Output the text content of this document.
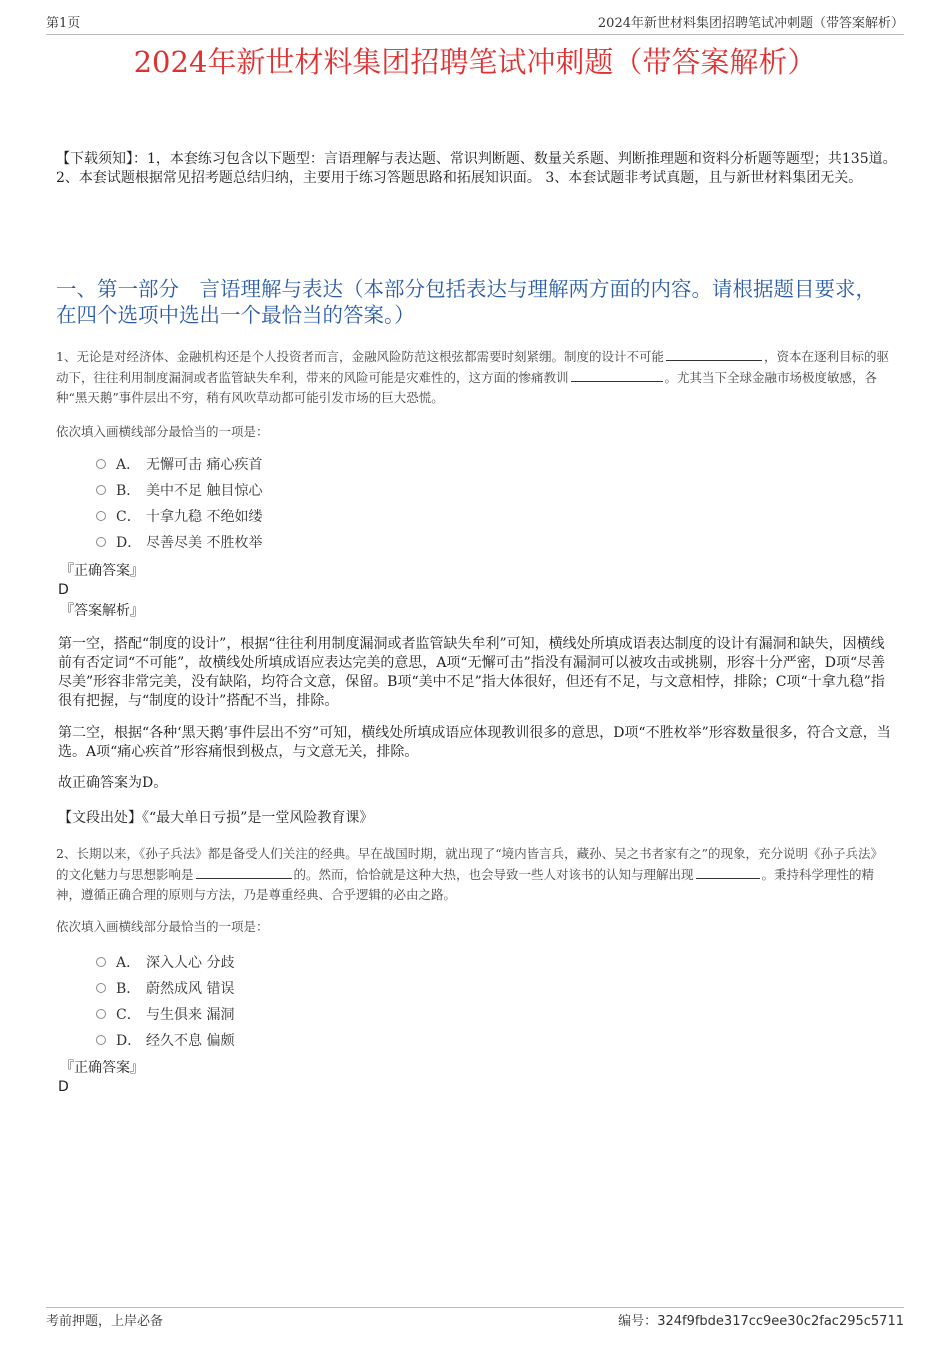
第1页	2024年新世材料集团招聘笔试冲刺题（带答案解析）
2024年新世材料集团招聘笔试冲刺题（带答案解析）
【下载须知】：1，本套练习包含以下题型：言语理解与表达题、常识判断题、数量关系题、判断推理题和资料分析题等题型；共135道。 2、本套试题根据常见招考题总结归纳，主要用于练习答题思路和拓展知识面。 3、本套试题非考试真题，且与新世材料集团无关。
一、第一部分　言语理解与表达（本部分包括表达与理解两方面的内容。请根据题目要求，在四个选项中选出一个最恰当的答案。）
1、无论是对经济体、金融机构还是个人投资者而言，金融风险防范这根弦都需要时刻紧绷。制度的设计不可能	，资本在逐利目标的驱动下，往往利用制度漏洞或者监管缺失牟利，带来的风险可能是灾难性的，这方面的惨痛教训	。尤其当下全球金融市场极度敏感，各种“黑天鹅”事件层出不穷，稍有风吹草动都可能引发市场的巨大恐慌。
依次填入画横线部分最恰当的一项是：
A． 无懈可击 痛心疾首
B． 美中不足 触目惊心
C． 十拿九稳 不绝如缕
D． 尽善尽美 不胜枚举
『正确答案』
D
『答案解析』
第一空，搭配“制度的设计”，根据“往往利用制度漏洞或者监管缺失牟利”可知，横线处所填成语表达制度的设计有漏洞和缺失，因横线前有否定词“不可能”，故横线处所填成语应表达完美的意思，A项“无懈可击”指没有漏洞可以被攻击或挑剔，形容十分严密，D项“尽善尽美”形容非常完美，没有缺陷，均符合文意，保留。B项“美中不足”指大体很好，但还有不足，与文意相悖，排除；C项“十拿九稳”指很有把握，与“制度的设计”搭配不当，排除。
第二空，根据“各种‘黑天鹅’事件层出不穷”可知，横线处所填成语应体现教训很多的意思，D项“不胜枚举”形容数量很多，符合文意，当选。A项“痛心疾首”形容痛恨到极点，与文意无关，排除。
故正确答案为D。
【文段出处】《“最大单日亏损”是一堂风险教育课》
2、长期以来，《孙子兵法》都是备受人们关注的经典。早在战国时期，就出现了“境内皆言兵，藏孙、吴之书者家有之”的现象，充分说明《孙子兵法》的文化魅力与思想影响是	的。然而，恰恰就是这种大热，也会导致一些人对该书的认知与理解出现	。秉持科学理性的精神，遵循正确合理的原则与方法，乃是尊重经典、合乎逻辑的必由之路。
依次填入画横线部分最恰当的一项是：
A． 深入人心 分歧
B． 蔚然成风 错误
C． 与生俱来 漏洞
D． 经久不息 偏颇
『正确答案』
D
考前押题，上岸必备	编号：324f9fbde317cc9ee30c2fac295c5711
